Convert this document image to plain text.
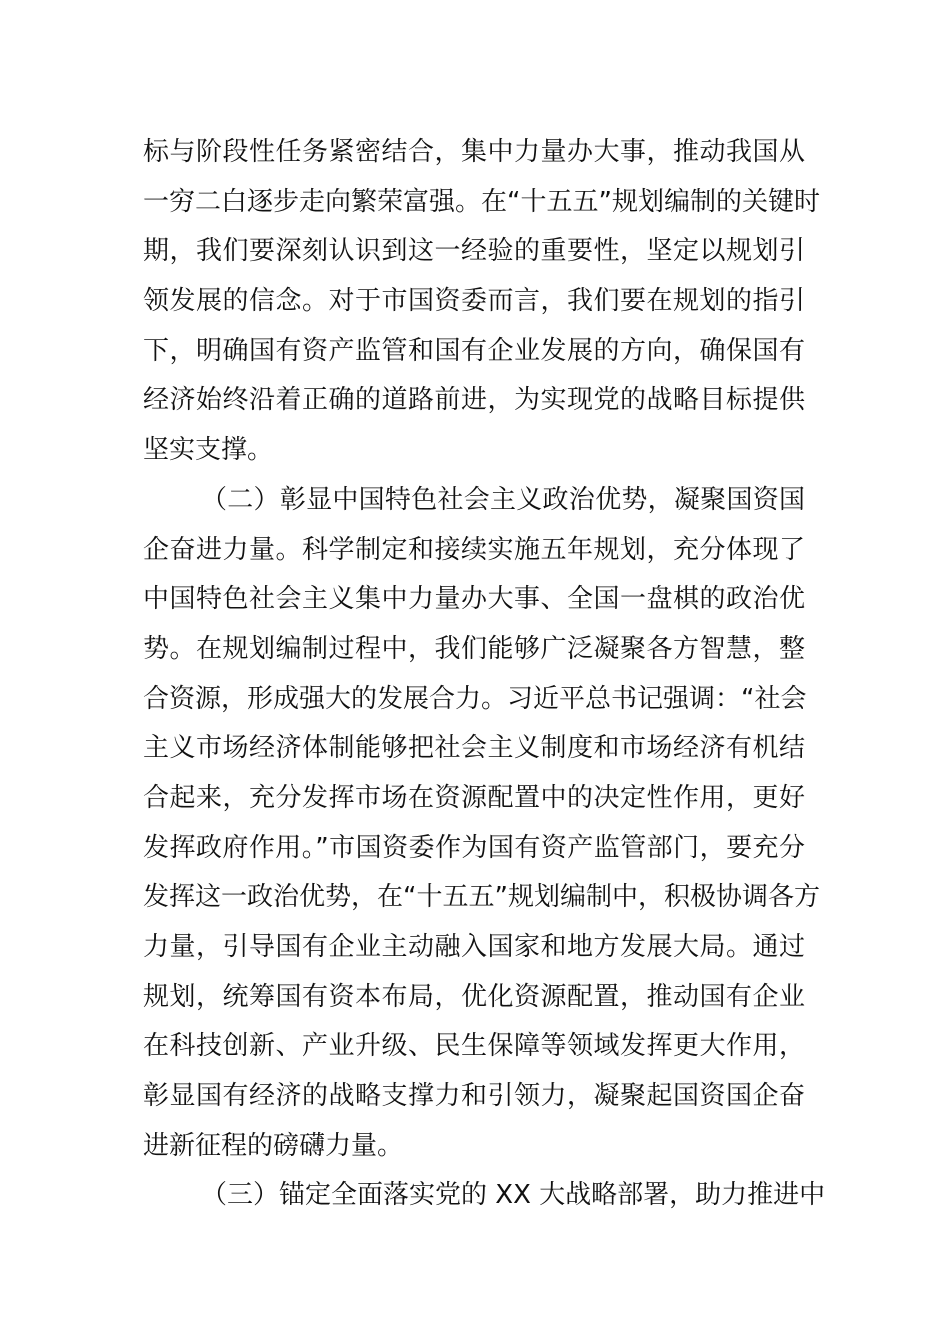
标与阶段性任务紧密结合，集中力量办大事，推动我国从
一穷二白逐步走向繁荣富强。在“十五五”规划编制的关键时
期，我们要深刻认识到这一经验的重要性，坚定以规划引
领发展的信念。对于市国资委而言，我们要在规划的指引
下，明确国有资产监管和国有企业发展的方向，确保国有
经济始终沿着正确的道路前进，为实现党的战略目标提供
坚实支撑。
（二）彰显中国特色社会主义政治优势，凝聚国资国
企奋进力量。科学制定和接续实施五年规划，充分体现了
中国特色社会主义集中力量办大事、全国一盘棋的政治优
势。在规划编制过程中，我们能够广泛凝聚各方智慧，整
合资源，形成强大的发展合力。习近平总书记强调：“社会
主义市场经济体制能够把社会主义制度和市场经济有机结
合起来，充分发挥市场在资源配置中的决定性作用，更好
发挥政府作用。”市国资委作为国有资产监管部门，要充分
发挥这一政治优势，在“十五五”规划编制中，积极协调各方
力量，引导国有企业主动融入国家和地方发展大局。通过
规划，统筹国有资本布局，优化资源配置，推动国有企业
在科技创新、产业升级、民生保障等领域发挥更大作用，
彰显国有经济的战略支撑力和引领力，凝聚起国资国企奋
进新征程的磅礴力量。
（三）锚定全面落实党的 XX 大战略部署，助力推进中
